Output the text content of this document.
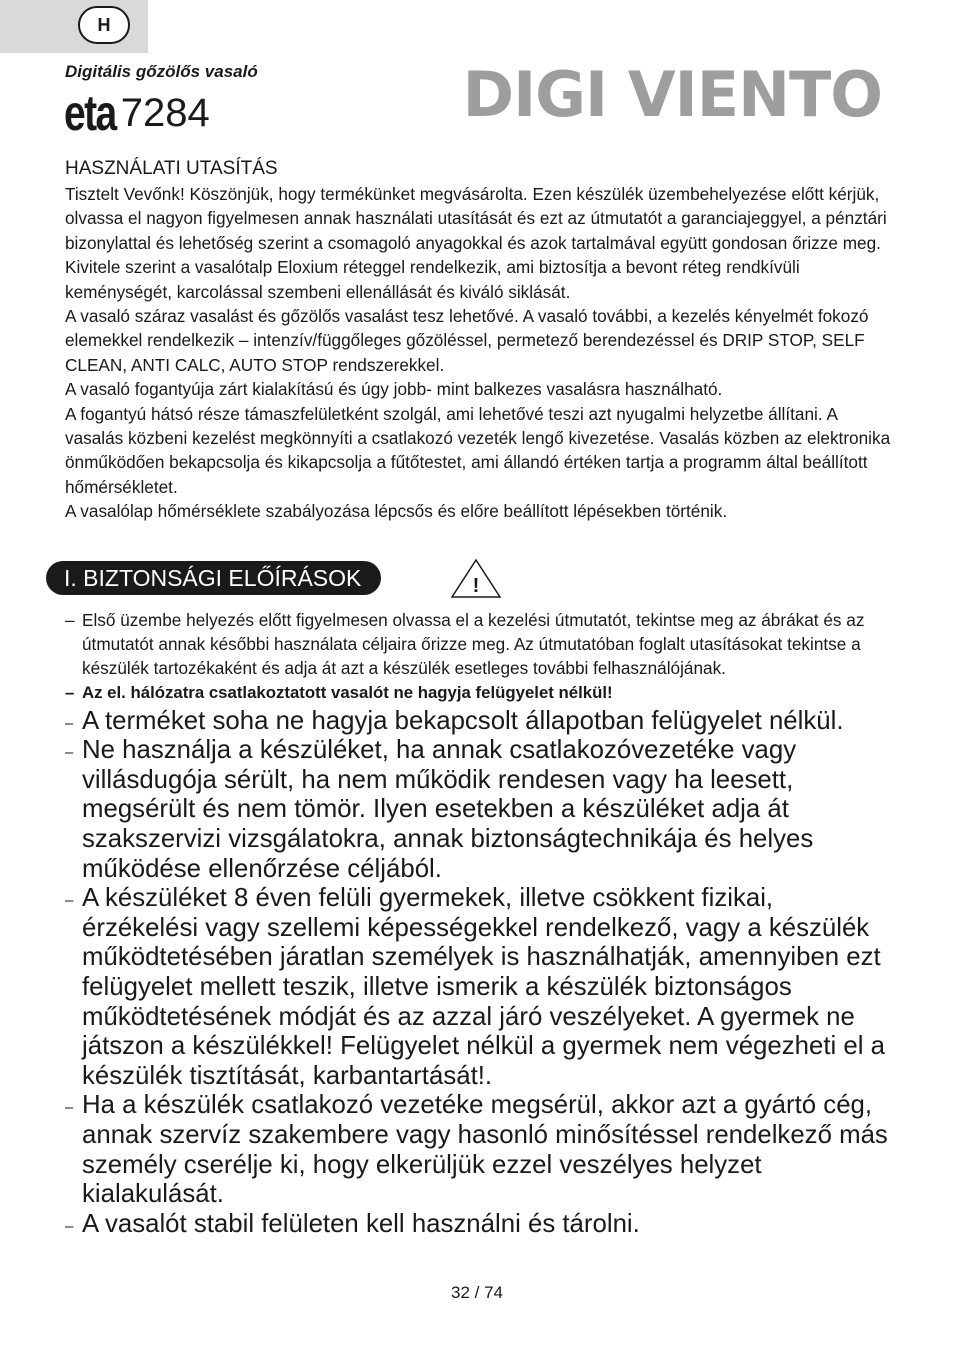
H
Digitális gőzölős vasaló
eta 7284	DIGI VIENTO
HASZNÁLATI UTASÍTÁS

Tisztelt Vevőnk! Köszönjük, hogy termékünket megvásárolta. Ezen készülék üzembehelyezése előtt kérjük, olvassa el nagyon figyelmesen annak használati utasítását és ezt az útmutatót a garanciajeggyel, a pénztári bizonylattal és lehetőség szerint a csomagoló anyagokkal és azok tartalmával együtt gondosan őrizze meg.

Kivitele szerint a vasalótalp Eloxium réteggel rendelkezik, ami biztosítja a bevont réteg rendkívüli keménységét, karcolással szembeni ellenállását és kiváló siklását.

A vasaló száraz vasalást és gőzölős vasalást tesz lehetővé. A vasaló további, a kezelés kényelmét fokozó elemekkel rendelkezik – intenzív/függőleges gőzöléssel, permetező berendezéssel és DRIP STOP, SELF CLEAN, ANTI CALC, AUTO STOP rendszerekkel.

A vasaló fogantyúja zárt kialakítású és úgy jobb- mint balkezes vasalásra használható.

A fogantyú hátsó része támaszfelületként szolgál, ami lehetővé teszi azt nyugalmi helyzetbe állítani. A vasalás közbeni kezelést megkönnyíti a csatlakozó vezeték lengő kivezetése. Vasalás közben az elektronika önműködően bekapcsolja és kikapcsolja a fűtőtestet, ami állandó értéken tartja a programm által beállított hőmérsékletet.

A vasalólap hőmérséklete szabályozása lépcsős és előre beállított lépésekben történik.

I. BIZTONSÁGI ELŐÍRÁSOK	!
– Első üzembe helyezés előtt figyelmesen olvassa el a kezelési útmutatót, tekintse meg az ábrákat és az útmutatót annak későbbi használata céljaira őrizze meg. Az útmutatóban foglalt utasításokat tekintse a készülék tartozékaként és adja át azt a készülék esetleges további felhasználójának.
– Az el. hálózatra csatlakoztatott vasalót ne hagyja felügyelet nélkül!
– A terméket soha ne hagyja bekapcsolt állapotban felügyelet nélkül.
– Ne használja a készüléket, ha annak csatlakozóvezetéke vagy villásdugója sérült, ha nem működik rendesen vagy ha leesett, megsérült és nem tömör. Ilyen esetekben a készüléket adja át szakszervizi vizsgálatokra, annak biztonságtechnikája és helyes működése ellenőrzése céljából.
– A készüléket 8 éven felüli gyermekek, illetve csökkent fizikai, érzékelési vagy szellemi képességekkel rendelkező, vagy a készülék működtetésében járatlan személyek is használhatják, amennyiben ezt felügyelet mellett teszik, illetve ismerik a készülék biztonságos működtetésének módját és az azzal járó veszélyeket. A gyermek ne játszon a készülékkel! Felügyelet nélkül a gyermek nem végezheti el a készülék tisztítását, karbantartását!.
– Ha a készülék csatlakozó vezetéke megsérül, akkor azt a gyártó cég, annak szervíz szakembere vagy hasonló minősítéssel rendelkező más személy cserélje ki, hogy elkerüljük ezzel veszélyes helyzet kialakulását.
– A vasalót stabil felületen kell használni és tárolni.
32 / 74
